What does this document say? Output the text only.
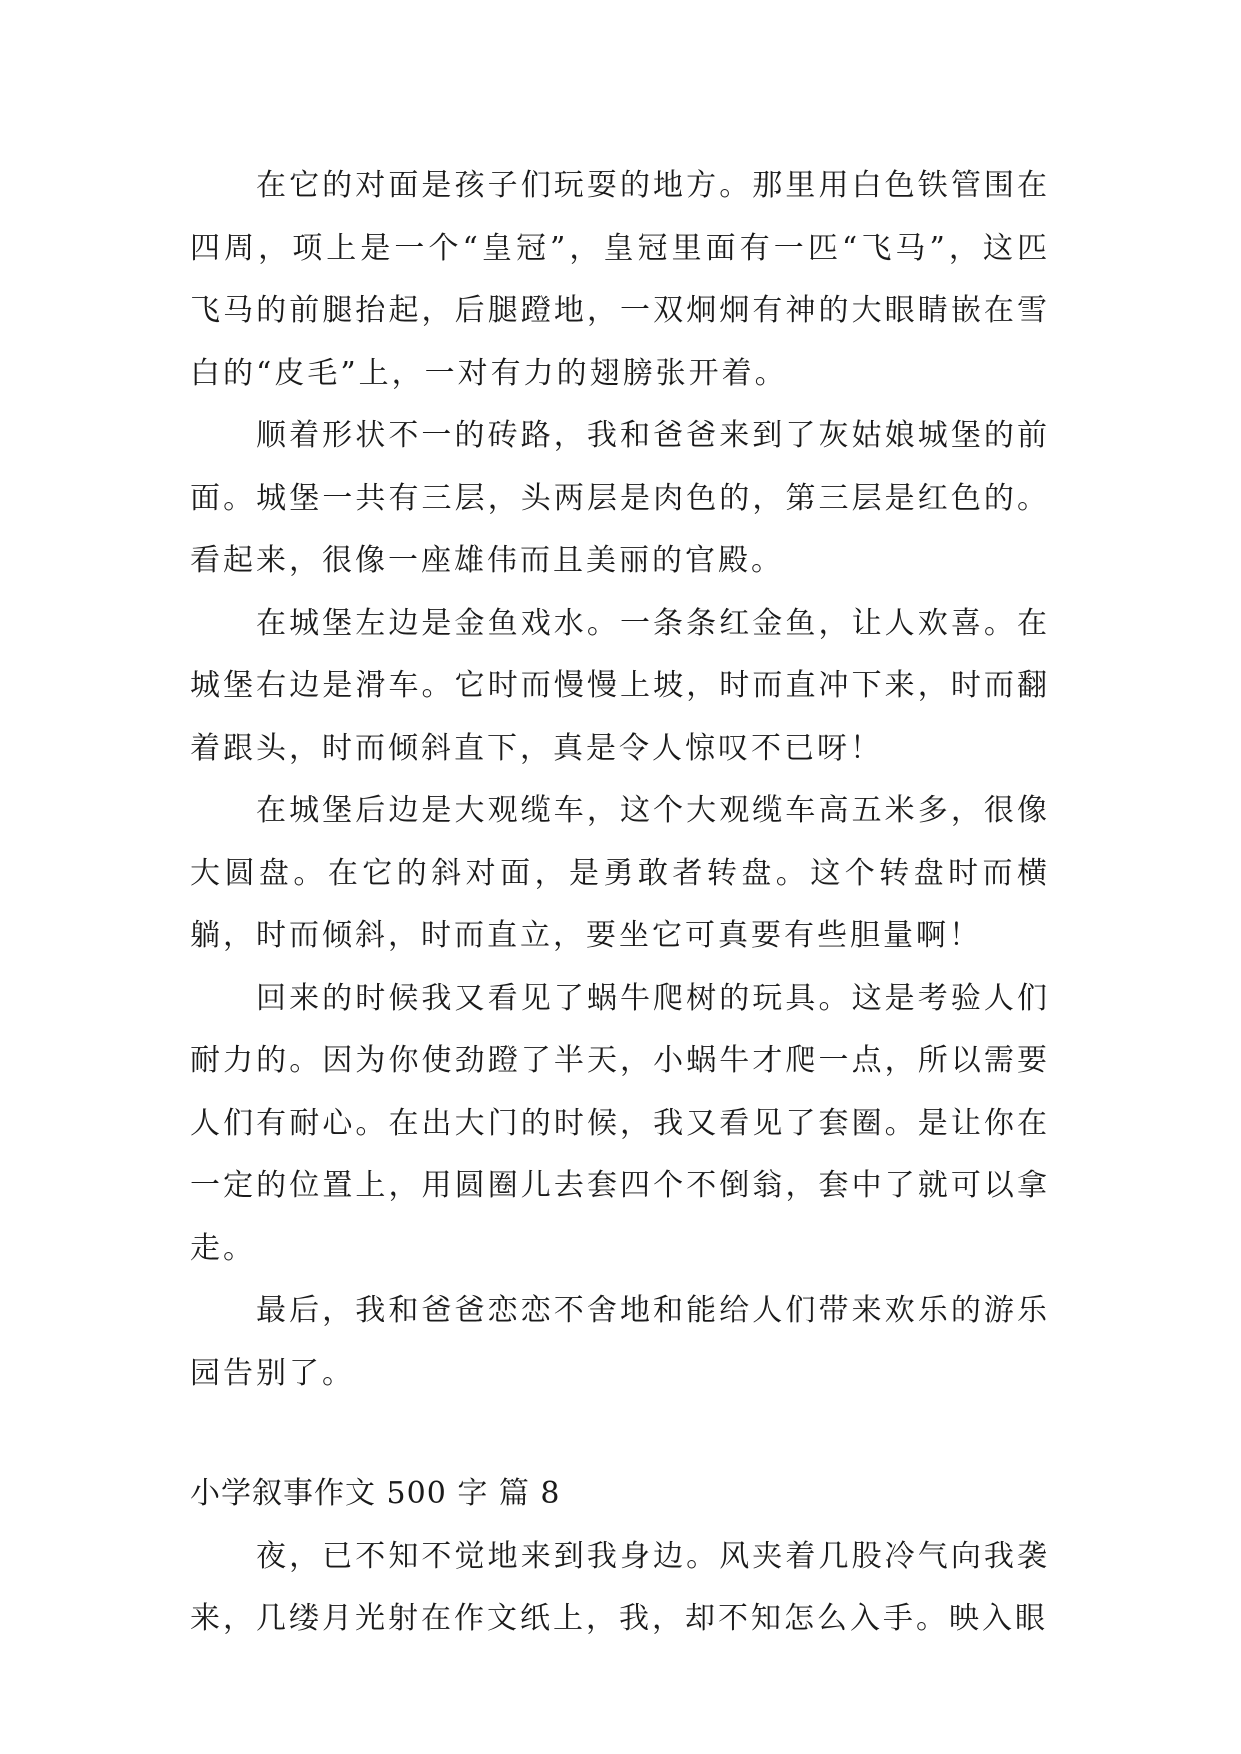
在它的对面是孩子们玩耍的地方。那里用白色铁管围在四周，项上是一个“皇冠”，皇冠里面有一匹“飞马”，这匹飞马的前腿抬起，后腿蹬地，一双炯炯有神的大眼睛嵌在雪白的“皮毛”上，一对有力的翅膀张开着。

顺着形状不一的砖路，我和爸爸来到了灰姑娘城堡的前面。城堡一共有三层，头两层是肉色的，第三层是红色的。看起来，很像一座雄伟而且美丽的官殿。

在城堡左边是金鱼戏水。一条条红金鱼，让人欢喜。在城堡右边是滑车。它时而慢慢上坡，时而直冲下来，时而翻着跟头，时而倾斜直下，真是令人惊叹不已呀！

在城堡后边是大观缆车，这个大观缆车高五米多，很像大圆盘。在它的斜对面，是勇敢者转盘。这个转盘时而横躺，时而倾斜，时而直立，要坐它可真要有些胆量啊！

回来的时候我又看见了蜗牛爬树的玩具。这是考验人们耐力的。因为你使劲蹬了半天，小蜗牛才爬一点，所以需要人们有耐心。在出大门的时候，我又看见了套圈。是让你在一定的位置上，用圆圈儿去套四个不倒翁，套中了就可以拿走。

最后，我和爸爸恋恋不舍地和能给人们带来欢乐的游乐园告别了。

小学叙事作文 500 字 篇 8

夜，已不知不觉地来到我身边。风夹着几股冷气向我袭来，几缕月光射在作文纸上，我，却不知怎么入手。映入眼
